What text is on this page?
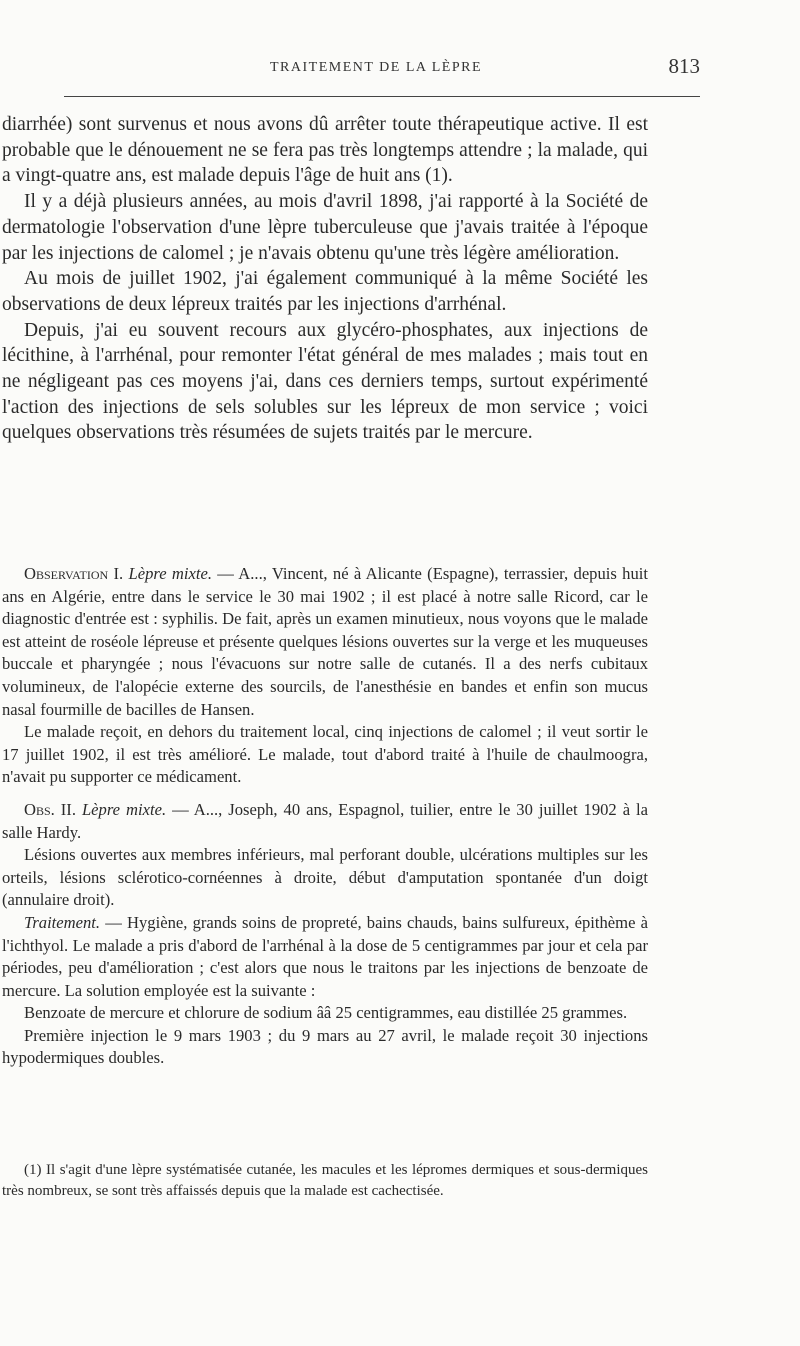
TRAITEMENT DE LA LÈPRE	813

diarrhée) sont survenus et nous avons dû arrêter toute thérapeutique active. Il est probable que le dénouement ne se fera pas très longtemps attendre ; la malade, qui a vingt-quatre ans, est malade depuis l'âge de huit ans (1).

Il y a déjà plusieurs années, au mois d'avril 1898, j'ai rapporté à la Société de dermatologie l'observation d'une lèpre tuberculeuse que j'avais traitée à l'époque par les injections de calomel ; je n'avais obtenu qu'une très légère amélioration.

Au mois de juillet 1902, j'ai également communiqué à la même Société les observations de deux lépreux traités par les injections d'arrhénal.

Depuis, j'ai eu souvent recours aux glycéro-phosphates, aux injections de lécithine, à l'arrhénal, pour remonter l'état général de mes malades ; mais tout en ne négligeant pas ces moyens j'ai, dans ces derniers temps, surtout expérimenté l'action des injections de sels solubles sur les lépreux de mon service ; voici quelques observations très résumées de sujets traités par le mercure.

Observation I. Lèpre mixte. — A..., Vincent, né à Alicante (Espagne), terrassier, depuis huit ans en Algérie, entre dans le service le 30 mai 1902 ; il est placé à notre salle Ricord, car le diagnostic d'entrée est : syphilis. De fait, après un examen minutieux, nous voyons que le malade est atteint de roséole lépreuse et présente quelques lésions ouvertes sur la verge et les muqueuses buccale et pharyngée ; nous l'évacuons sur notre salle de cutanés. Il a des nerfs cubitaux volumineux, de l'alopécie externe des sourcils, de l'anesthésie en bandes et enfin son mucus nasal fourmille de bacilles de Hansen.

Le malade reçoit, en dehors du traitement local, cinq injections de calomel ; il veut sortir le 17 juillet 1902, il est très amélioré. Le malade, tout d'abord traité à l'huile de chaulmoogra, n'avait pu supporter ce médicament.

Obs. II. Lèpre mixte. — A..., Joseph, 40 ans, Espagnol, tuilier, entre le 30 juillet 1902 à la salle Hardy.

Lésions ouvertes aux membres inférieurs, mal perforant double, ulcérations multiples sur les orteils, lésions sclérotico-cornéennes à droite, début d'amputation spontanée d'un doigt (annulaire droit).

Traitement. — Hygiène, grands soins de propreté, bains chauds, bains sulfureux, épithème à l'ichthyol. Le malade a pris d'abord de l'arrhénal à la dose de 5 centigrammes par jour et cela par périodes, peu d'amélioration ; c'est alors que nous le traitons par les injections de benzoate de mercure. La solution employée est la suivante :

Benzoate de mercure et chlorure de sodium ââ 25 centigrammes, eau distillée 25 grammes.

Première injection le 9 mars 1903 ; du 9 mars au 27 avril, le malade reçoit 30 injections hypodermiques doubles.

(1) Il s'agit d'une lèpre systématisée cutanée, les macules et les lépromes dermiques et sous-dermiques très nombreux, se sont très affaissés depuis que la malade est cachectisée.
